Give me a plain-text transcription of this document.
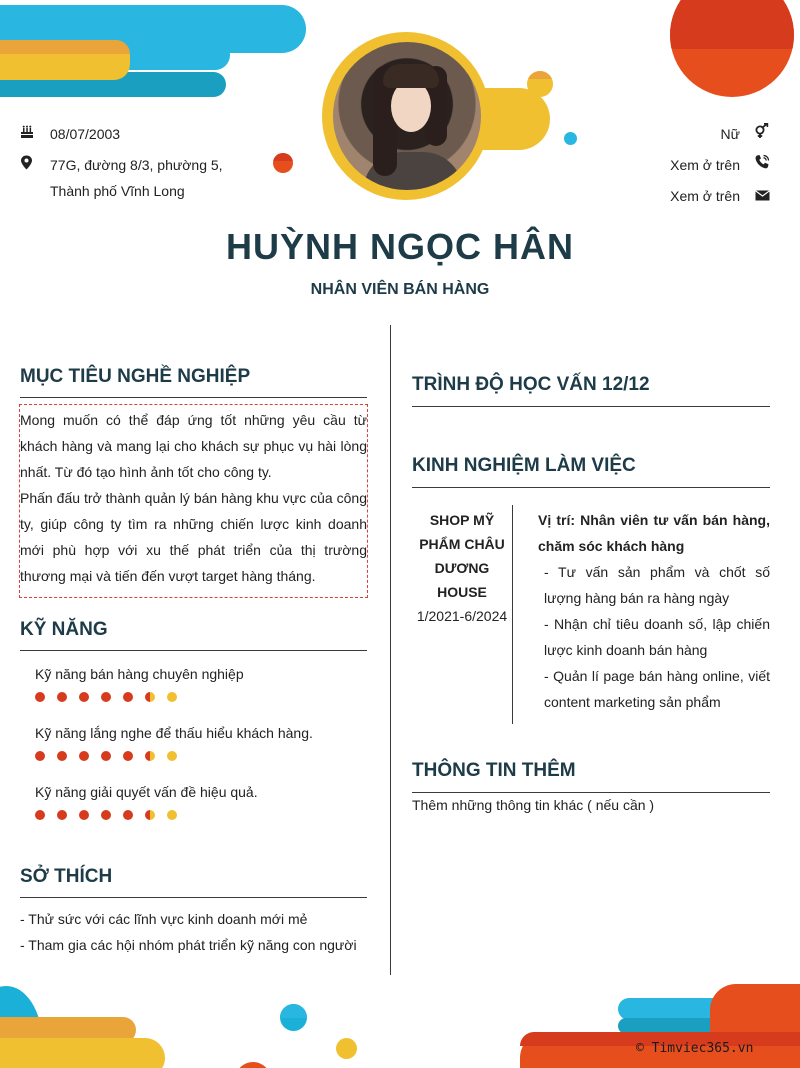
© Timviec365.vn
08/07/2003
77G, đường 8/3, phường 5, Thành phố Vĩnh Long
Nữ
Xem ở trên
Xem ở trên
HUỲNH NGỌC HÂN
NHÂN VIÊN BÁN HÀNG
MỤC TIÊU NGHỀ NGHIỆP

Mong muốn có thể đáp ứng tốt những yêu cầu từ khách hàng và mang lại cho khách sự phục vụ hài lòng nhất. Từ đó tạo hình ảnh tốt cho công ty.

Phấn đấu trở thành quản lý bán hàng khu vực của công ty, giúp công ty tìm ra những chiến lược kinh doanh mới phù hợp với xu thế phát triển của thị trường thương mại và tiến đến vượt target hàng tháng.

KỸ NĂNG
Kỹ năng bán hàng chuyên nghiệp
Kỹ năng lắng nghe để thấu hiểu khách hàng.
Kỹ năng giải quyết vấn đề hiệu quả.
SỞ THÍCH
- Thử sức với các lĩnh vực kinh doanh mới mẻ
- Tham gia các hội nhóm phát triển kỹ năng con người
TRÌNH ĐỘ HỌC VẤN 12/12
KINH NGHIỆM LÀM VIỆC
SHOP MỸ PHẨM CHÂU DƯƠNG HOUSE
1/2021-6/2024
Vị trí: Nhân viên tư vấn bán hàng, chăm sóc khách hàng
- Tư vấn sản phẩm và chốt số lượng hàng bán ra hàng ngày
- Nhận chỉ tiêu doanh số, lập chiến lược kinh doanh bán hàng
- Quản lí page bán hàng online, viết content marketing sản phẩm
THÔNG TIN THÊM
Thêm những thông tin khác ( nếu cần )
